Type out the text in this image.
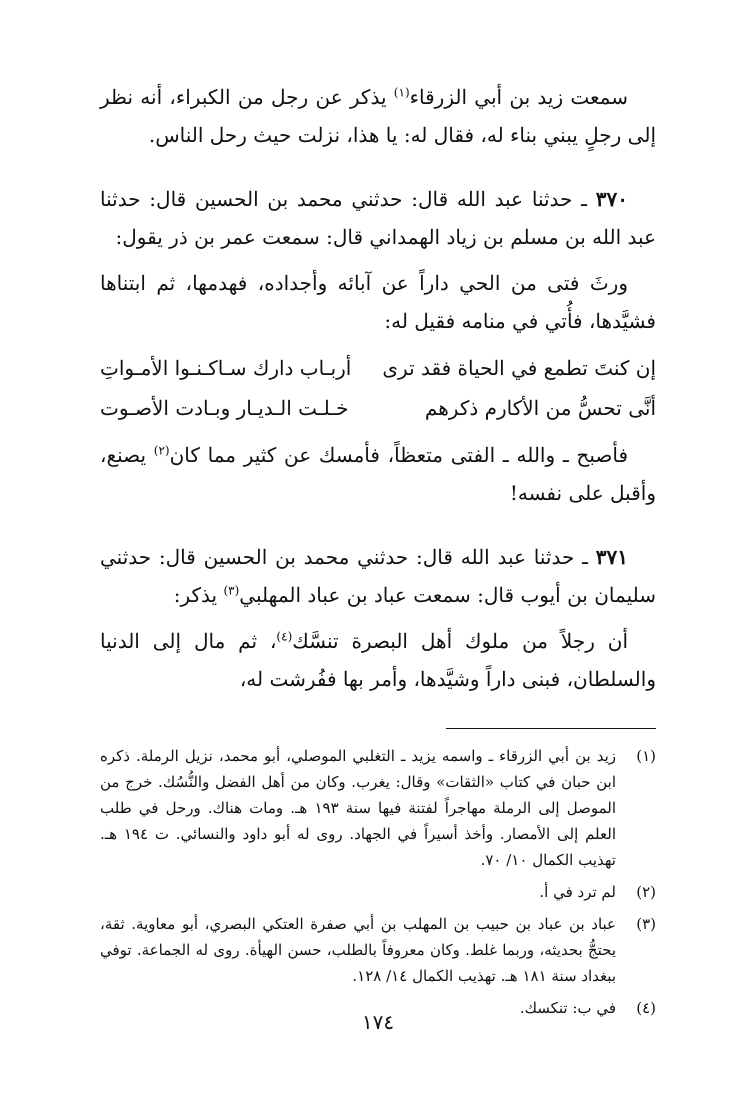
سمعت زيد بن أبي الزرقاء$^{(١)}$ يذكر عن رجل من الكبراء، أنه نظر إلى رجلٍ يبني بناء له، فقال له: يا هذا، نزلت حيث رحل الناس.

٣٧٠ ـ حدثنا عبد الله قال: حدثني محمد بن الحسين قال: حدثنا عبد الله بن مسلم بن زياد الهمداني قال: سمعت عمر بن ذر يقول:

ورثَ فتى من الحي داراً عن آبائه وأجداده، فهدمها، ثم ابتناها فشيَّدها، فأُتي في منامه فقيل له:

إن كنتَ تطمع في الحياة فقد ترى
أربـاب دارك سـاكـنـوا الأمـواتِ
أنَّى تحسُّ من الأكارم ذكرهم
خـلـت الـديـار وبـادت الأصـوت

فأصبح ـ والله ـ الفتى متعظاً، فأمسك عن كثير مما كان$^{(٢)}$ يصنع، وأقبل على نفسه!

٣٧١ ـ حدثنا عبد الله قال: حدثني محمد بن الحسين قال: حدثني سليمان بن أيوب قال: سمعت عباد بن عباد المهلبي$^{(٣)}$ يذكر:

أن رجلاً من ملوك أهل البصرة تنسَّك$^{(٤)}$، ثم مال إلى الدنيا والسلطان، فبنى داراً وشيَّدها، وأمر بها ففُرشت له،

(١)
زيد بن أبي الزرقاء ـ واسمه يزيد ـ التغلبي الموصلي، أبو محمد، نزيل الرملة. ذكره ابن حبان في كتاب «الثقات» وقال: يغرب. وكان من أهل الفضل والنُّسُك. خرج من الموصل إلى الرملة مهاجراً لفتنة فيها سنة ١٩٣ هـ. ومات هناك. ورحل في طلب العلم إلى الأمصار. وأخذ أسيراً في الجهاد. روى له أبو داود والنسائي. ت ١٩٤ هـ. تهذيب الكمال ١٠/ ٧٠.
(٢)
لم ترد في أ.
(٣)
عباد بن عباد بن حبيب بن المهلب بن أبي صفرة العتكي البصري، أبو معاوية. ثقة، يحتجُّ بحديثه، وربما غلط. وكان معروفاً بالطلب، حسن الهيأة. روى له الجماعة. توفي ببغداد سنة ١٨١ هـ. تهذيب الكمال ١٤/ ١٢٨.
(٤)
في ب: تنكسك.
١٧٤
